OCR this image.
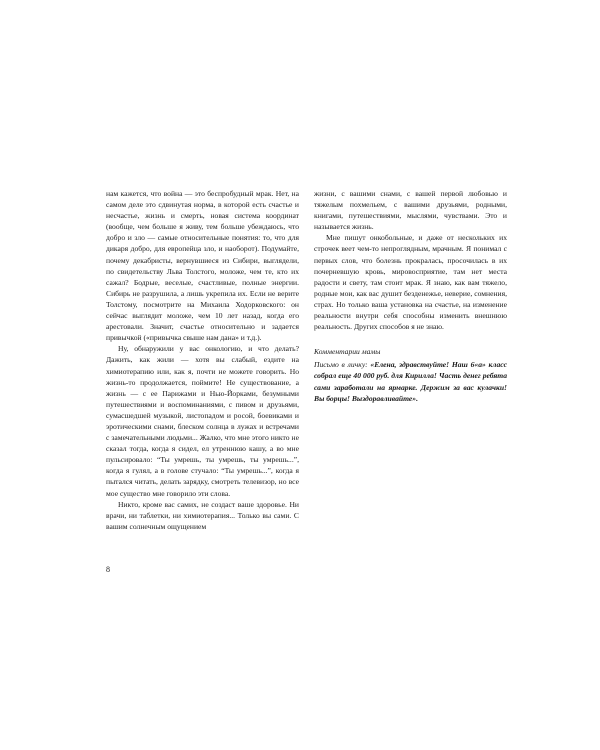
нам кажется, что война — это беспробудный мрак. Нет, на самом деле это сдвинутая норма, в которой есть счастье и несчастье, жизнь и смерть, новая система координат (вообще, чем больше я живу, тем больше убеждаюсь, что добро и зло — самые относительные понятия: то, что для дикаря добро, для европейца зло, и наоборот). Подумайте, почему декабристы, вернувшиеся из Сибири, выглядели, по свидетельству Льва Толстого, моложе, чем те, кто их сажал? Бодрые, веселые, счастливые, полные энергии. Сибирь не разрушила, а лишь укрепила их. Если не верите Толстому, посмотрите на Михаила Ходорковского: он сейчас выглядит моложе, чем 10 лет назад, когда его арестовали. Значит, счастье относительно и задается привычкой («привычка свыше нам дана» и т.д.).

Ну, обнаружили у вас онкологию, и что делать? Дажить, как жили — хотя вы слабый, ездите на химиотерапию или, как я, почти не можете говорить. Но жизнь-то продолжается, поймите! Не существование, а жизнь — с ее Парижами и Нью-Йорками, безумными путешествиями и воспоминаниями, с пивом и друзьями, сумасшедшей музыкой, листопадом и росой, боевиками и эротическими снами, блеском солнца в лужах и встречами с замечательными людьми... Жалко, что мне этого никто не сказал тогда, когда я сидел, ел утреннюю кашу, а во мне пульсировало: “Ты умрешь, ты умрешь, ты умрешь...”, когда я гулял, а в голове стучало: “Ты умрешь...”, когда я пытался читать, делать зарядку, смотреть телевизор, но все мое существо мне говорило эти слова.

Никто, кроме вас самих, не создаст ваше здоровье. Ни врачи, ни таблетки, ни химиотерапия... Только вы сами. С вашим солнечным ощущением

жизни, с вашими снами, с вашей первой любовью и тяжелым похмельем, с вашими друзьями, родными, книгами, путешествиями, мыслями, чувствами. Это и называется жизнь.

Мне пишут онкобольные, и даже от нескольких их строчек веет чем-то непроглядным, мрачным. Я понимал с первых слов, что болезнь прокралась, просочилась в их почерневшую кровь, мировосприятие, там нет места радости и свету, там стоит мрак. Я знаю, как вам тяжело, родные мои, как вас душит безденежье, неверие, сомнения, страх. Но только ваша установка на счастье, на изменение реальности внутри себя способны изменить внешнюю реальность. Других способов я не знаю.

Комментарии мамы

Письмо в личку: «Елена, здравствуйте! Наш 6«а» класс собрал еще 40 000 руб. для Кирилла! Часть денег ребята сами заработали на ярмарке. Держим за вас кулачки! Вы борцы! Выздоравливайте».

8
